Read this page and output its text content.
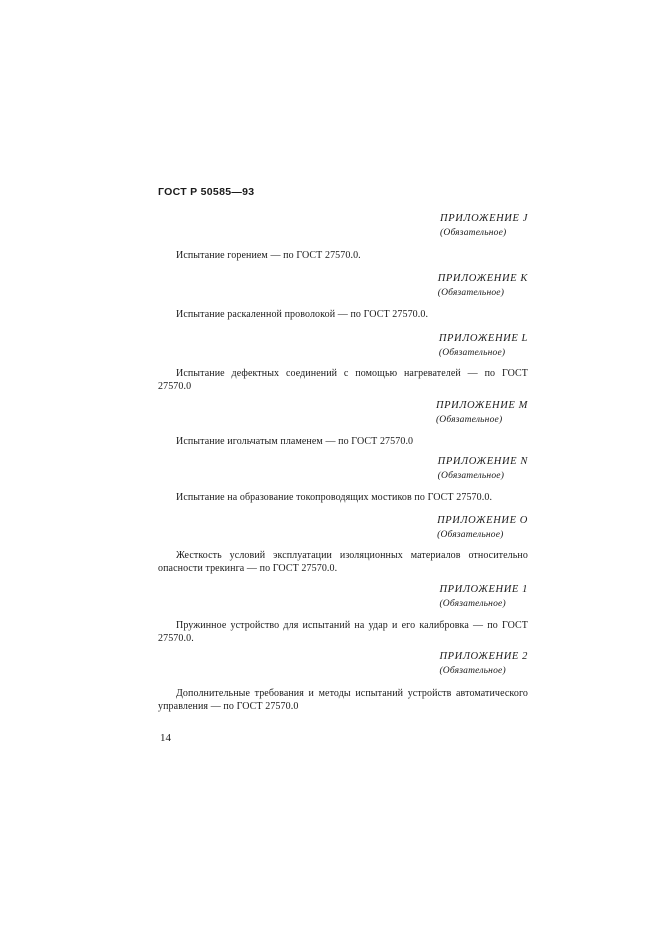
ГОСТ Р 50585—93
ПРИЛОЖЕНИЕ J
(Обязательное)
Испытание горением — по ГОСТ 27570.0.
ПРИЛОЖЕНИЕ К
(Обязательное)
Испытание раскаленной проволокой — по ГОСТ 27570.0.
ПРИЛОЖЕНИЕ L
(Обязательное)
Испытание дефектных соединений с помощью нагревателей — по ГОСТ 27570.0
ПРИЛОЖЕНИЕ М
(Обязательное)
Испытание игольчатым пламенем — по ГОСТ 27570.0
ПРИЛОЖЕНИЕ N
(Обязательное)
Испытание на образование токопроводящих мостиков по ГОСТ 27570.0.
ПРИЛОЖЕНИЕ О
(Обязательное)
Жесткость условий эксплуатации изоляционных материалов относительно опасности трекинга — по ГОСТ 27570.0.
ПРИЛОЖЕНИЕ 1
(Обязательное)
Пружинное устройство для испытаний на удар и его калибровка — по ГОСТ 27570.0.
ПРИЛОЖЕНИЕ 2
(Обязательное)
Дополнительные требования и методы испытаний устройств автоматического управления — по ГОСТ 27570.0
14
